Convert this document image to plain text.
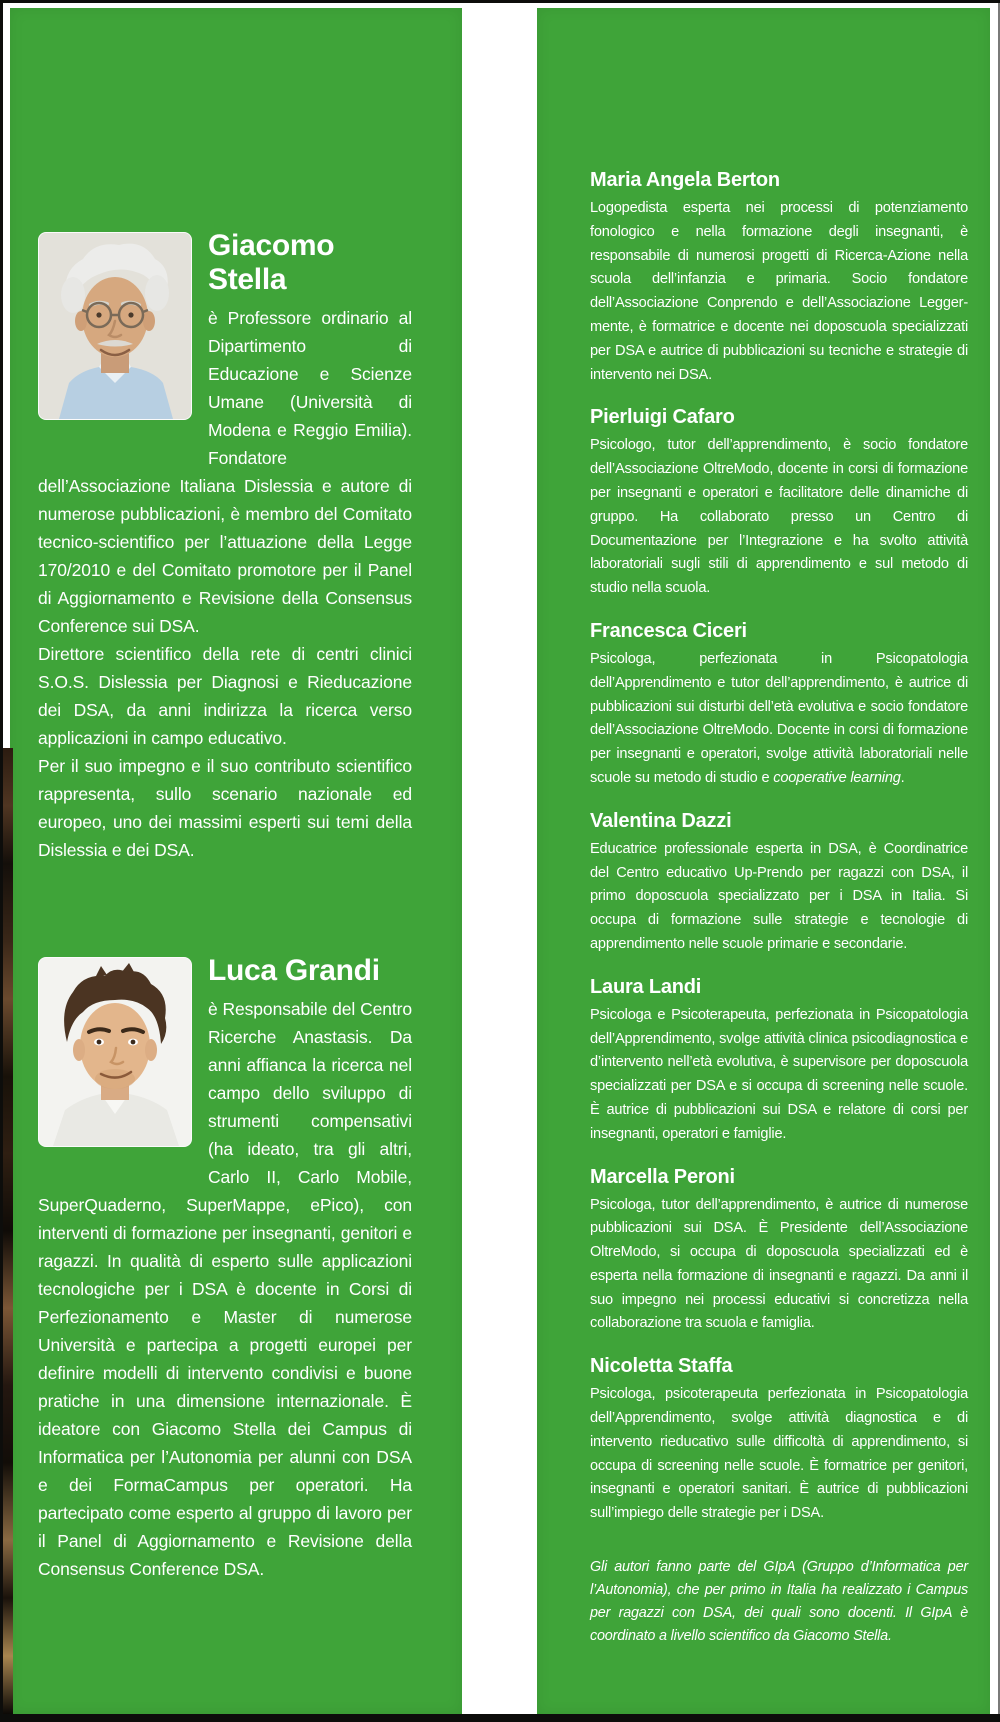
Giacomo Stella

è Professore ordinario al Dipartimento di Educazione e Scienze Umane (Università di Modena e Reggio Emilia). Fondatore dell’Associazione Italiana Dislessia e autore di numerose pubblicazioni, è membro del Comitato tecnico-scientifico per l’attuazione della Legge 170/2010 e del Comitato promotore per il Panel di Aggiornamento e Revisione della Consensus Conference sui DSA.

Direttore scientifico della rete di centri clinici S.O.S. Dislessia per Diagnosi e Rieducazione dei DSA, da anni indirizza la ricerca verso applicazioni in campo educativo.

Per il suo impegno e il suo contributo scientifico rappresenta, sullo scenario nazionale ed europeo, uno dei massimi esperti sui temi della Dislessia e dei DSA.

Luca Grandi

è Responsabile del Centro Ricerche Anastasis. Da anni affianca la ricerca nel campo dello sviluppo di strumenti compensativi (ha ideato, tra gli altri, Carlo II, Carlo Mobile, SuperQuaderno, SuperMappe, ePico), con interventi di formazione per insegnanti, genitori e ragazzi. In qualità di esperto sulle applicazioni tecnologiche per i DSA è docente in Corsi di Perfezionamento e Master di numerose Università e partecipa a progetti europei per definire modelli di intervento condivisi e buone pratiche in una dimensione internazionale. È ideatore con Giacomo Stella dei Campus di Informatica per l’Autonomia per alunni con DSA e dei FormaCampus per operatori. Ha partecipato come esperto al gruppo di lavoro per il Panel di Aggiornamento e Revisione della Consensus Conference DSA.

Maria Angela Berton

Logopedista esperta nei processi di potenziamento fonologico e nella formazione degli insegnanti, è responsabile di numerosi progetti di Ricerca-Azione nella scuola dell’infanzia e primaria. Socio fondatore dell’Associazione Conprendo e dell’Associazione Legger-mente, è formatrice e docente nei doposcuola specializzati per DSA e autrice di pubblicazioni su tecniche e strategie di intervento nei DSA.

Pierluigi Cafaro

Psicologo, tutor dell’apprendimento, è socio fondatore dell’Associazione OltreModo, docente in corsi di formazione per insegnanti e operatori e facilitatore delle dinamiche di gruppo. Ha collaborato presso un Centro di Documentazione per l’Integrazione e ha svolto attività laboratoriali sugli stili di apprendimento e sul metodo di studio nella scuola.

Francesca Ciceri

Psicologa, perfezionata in Psicopatologia dell’Apprendimento e tutor dell’apprendimento, è autrice di pubblicazioni sui disturbi dell’età evolutiva e socio fondatore dell’Associazione OltreModo. Docente in corsi di formazione per insegnanti e operatori, svolge attività laboratoriali nelle scuole su metodo di studio e cooperative learning.

Valentina Dazzi

Educatrice professionale esperta in DSA, è Coordinatrice del Centro educativo Up-Prendo per ragazzi con DSA, il primo doposcuola specializzato per i DSA in Italia. Si occupa di formazione sulle strategie e tecnologie di apprendimento nelle scuole primarie e secondarie.

Laura Landi

Psicologa e Psicoterapeuta, perfezionata in Psicopatologia dell’Apprendimento, svolge attività clinica psicodiagnostica e d’intervento nell’età evolutiva, è supervisore per doposcuola specializzati per DSA e si occupa di screening nelle scuole. È autrice di pubblicazioni sui DSA e relatore di corsi per insegnanti, operatori e famiglie.

Marcella Peroni

Psicologa, tutor dell’apprendimento, è autrice di numerose pubblicazioni sui DSA. È Presidente dell’Associazione OltreModo, si occupa di doposcuola specializzati ed è esperta nella formazione di insegnanti e ragazzi. Da anni il suo impegno nei processi educativi si concretizza nella collaborazione tra scuola e famiglia.

Nicoletta Staffa

Psicologa, psicoterapeuta perfezionata in Psicopatologia dell’Apprendimento, svolge attività diagnostica e di intervento rieducativo sulle difficoltà di apprendimento, si occupa di screening nelle scuole. È formatrice per genitori, insegnanti e operatori sanitari. È autrice di pubblicazioni sull’impiego delle strategie per i DSA.

Gli autori fanno parte del GIpA (Gruppo d’Informatica per l’Autonomia), che per primo in Italia ha realizzato i Campus per ragazzi con DSA, dei quali sono docenti. Il GIpA è coordinato a livello scientifico da Giacomo Stella.
